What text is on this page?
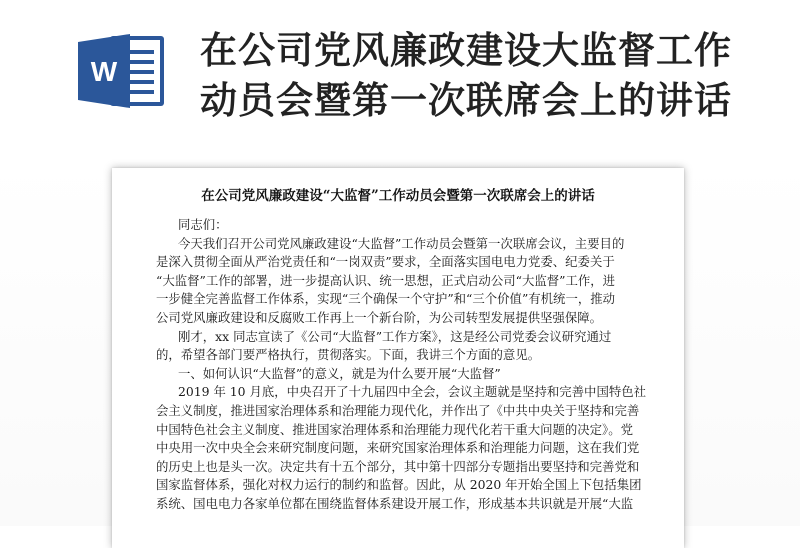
W 在公司党风廉政建设大监督工作
动员会暨第一次联席会上的讲话
在公司党风廉政建设“大监督”工作动员会暨第一次联席会上的讲话
同志们：
今天我们召开公司党风廉政建设“大监督”工作动员会暨第一次联席会议，主要目的
是深入贯彻全面从严治党责任和“一岗双责”要求，全面落实国电电力党委、纪委关于
“大监督”工作的部署，进一步提高认识、统一思想，正式启动公司“大监督”工作，进
一步健全完善监督工作体系，实现“三个确保一个守护”和“三个价值”有机统一，推动
公司党风廉政建设和反腐败工作再上一个新台阶，为公司转型发展提供坚强保障。
刚才，xx 同志宣读了《公司“大监督”工作方案》，这是经公司党委会议研究通过
的，希望各部门要严格执行，贯彻落实。下面，我讲三个方面的意见。
一、如何认识“大监督”的意义，就是为什么要开展“大监督”
2019 年 10 月底，中央召开了十九届四中全会，会议主题就是坚持和完善中国特色社
会主义制度，推进国家治理体系和治理能力现代化，并作出了《中共中央关于坚持和完善
中国特色社会主义制度、推进国家治理体系和治理能力现代化若干重大问题的决定》。党
中央用一次中央全会来研究制度问题，来研究国家治理体系和治理能力问题，这在我们党
的历史上也是头一次。决定共有十五个部分，其中第十四部分专题指出要坚持和完善党和
国家监督体系，强化对权力运行的制约和监督。因此，从 2020 年开始全国上下包括集团
系统、国电电力各家单位都在围绕监督体系建设开展工作，形成基本共识就是开展“大监
